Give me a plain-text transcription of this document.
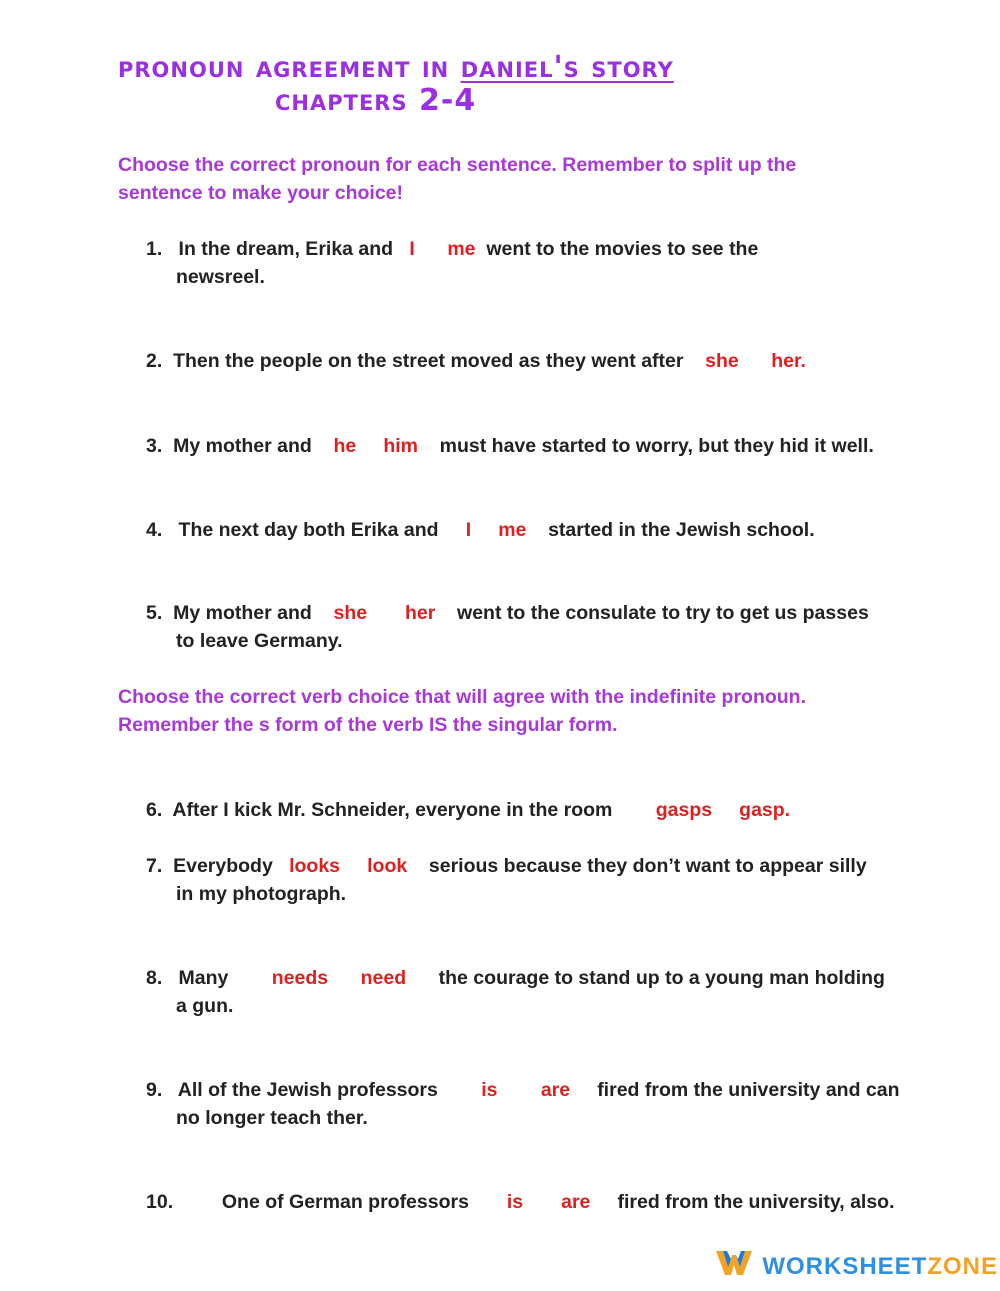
pronoun agreement in daniel's story
chapters 2-4
Choose the correct pronoun for each sentence. Remember to split up the
sentence to make your choice!
1. In the dream, Erika and I me went to the movies to see the
newsreel.
2. Then the people on the street moved as they went after she her.
3. My mother and he him must have started to worry, but they hid it well.
4. The next day both Erika and I me started in the Jewish school.
5. My mother and she her went to the consulate to try to get us passes
to leave Germany.
Choose the correct verb choice that will agree with the indefinite pronoun.
Remember the s form of the verb IS the singular form.
6. After I kick Mr. Schneider, everyone in the room gasps gasp.
7. Everybody looks look serious because they don’t want to appear silly
in my photograph.
8. Many needs need the courage to stand up to a young man holding
a gun.
9. All of the Jewish professors is are fired from the university and can
no longer teach ther.
10.	One of German professors is are fired from the university, also.
WORKSHEETZONE
